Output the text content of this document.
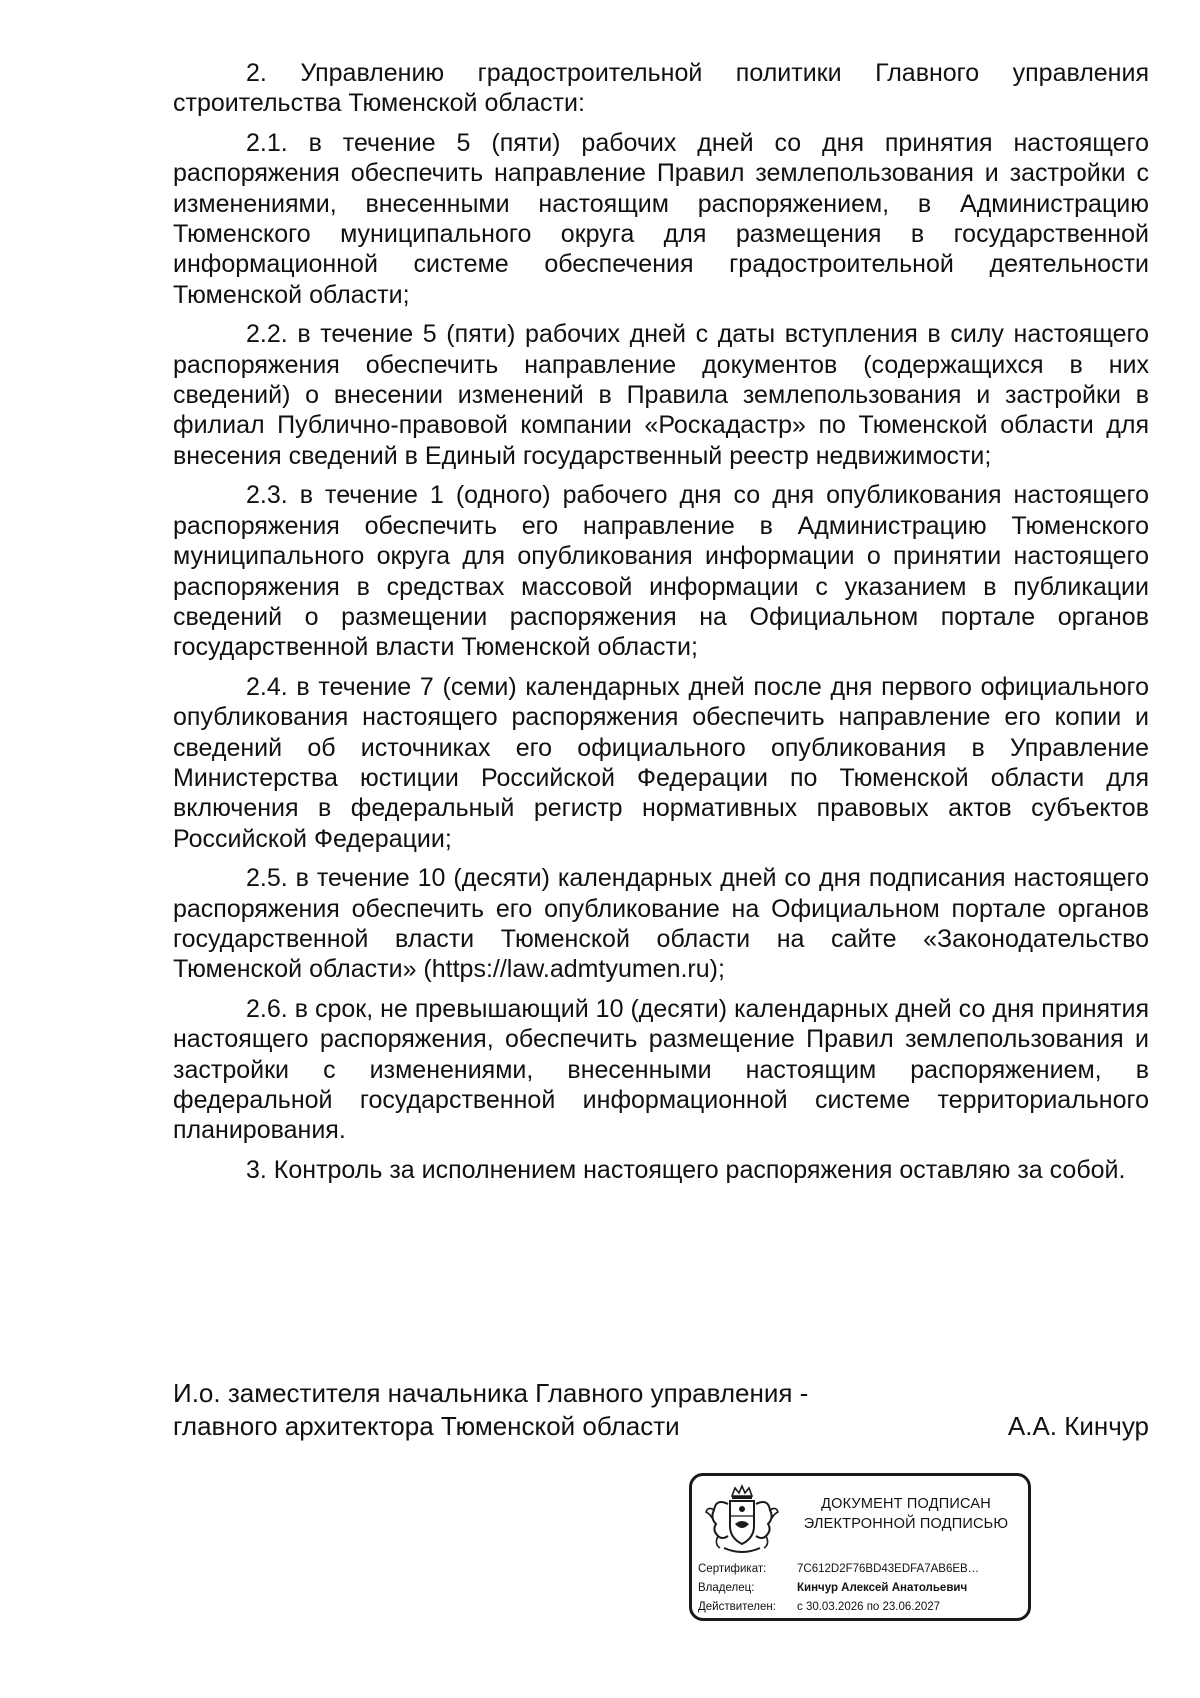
2. Управлению градостроительной политики Главного управления строительства Тюменской области:

2.1. в течение 5 (пяти) рабочих дней со дня принятия настоящего распоряжения обеспечить направление Правил землепользования и застройки с изменениями, внесенными настоящим распоряжением, в Администрацию Тюменского муниципального округа для размещения в государственной информационной системе обеспечения градостроительной деятельности Тюменской области;

2.2. в течение 5 (пяти) рабочих дней с даты вступления в силу настоящего распоряжения обеспечить направление документов (содержащихся в них сведений) о внесении изменений в Правила землепользования и застройки в филиал Публично-правовой компании «Роскадастр» по Тюменской области для внесения сведений в Единый государственный реестр недвижимости;

2.3. в течение 1 (одного) рабочего дня со дня опубликования настоящего распоряжения обеспечить его направление в Администрацию Тюменского муниципального округа для опубликования информации о принятии настоящего распоряжения в средствах массовой информации с указанием в публикации сведений о размещении распоряжения на Официальном портале органов государственной власти Тюменской области;

2.4. в течение 7 (семи) календарных дней после дня первого официального опубликования настоящего распоряжения обеспечить направление его копии и сведений об источниках его официального опубликования в Управление Министерства юстиции Российской Федерации по Тюменской области для включения в федеральный регистр нормативных правовых актов субъектов Российской Федерации;

2.5. в течение 10 (десяти) календарных дней со дня подписания настоящего распоряжения обеспечить его опубликование на Официальном портале органов государственной власти Тюменской области на сайте «Законодательство Тюменской области» (https://law.admtyumen.ru);

2.6. в срок, не превышающий 10 (десяти) календарных дней со дня принятия настоящего распоряжения, обеспечить размещение Правил землепользования и застройки с изменениями, внесенными настоящим распоряжением, в федеральной государственной информационной системе территориального планирования.

3. Контроль за исполнением настоящего распоряжения оставляю за собой.

И.о. заместителя начальника Главного управления -
главного архитектора Тюменской области	А.А. Кинчур
ДОКУМЕНТ ПОДПИСАН
ЭЛЕКТРОННОЙ ПОДПИСЬЮ
Сертификат:	7C612D2F76BD43EDFA7AB6EB…
Владелец:	Кинчур Алексей Анатольевич
Действителен:	с 30.03.2026 по 23.06.2027
